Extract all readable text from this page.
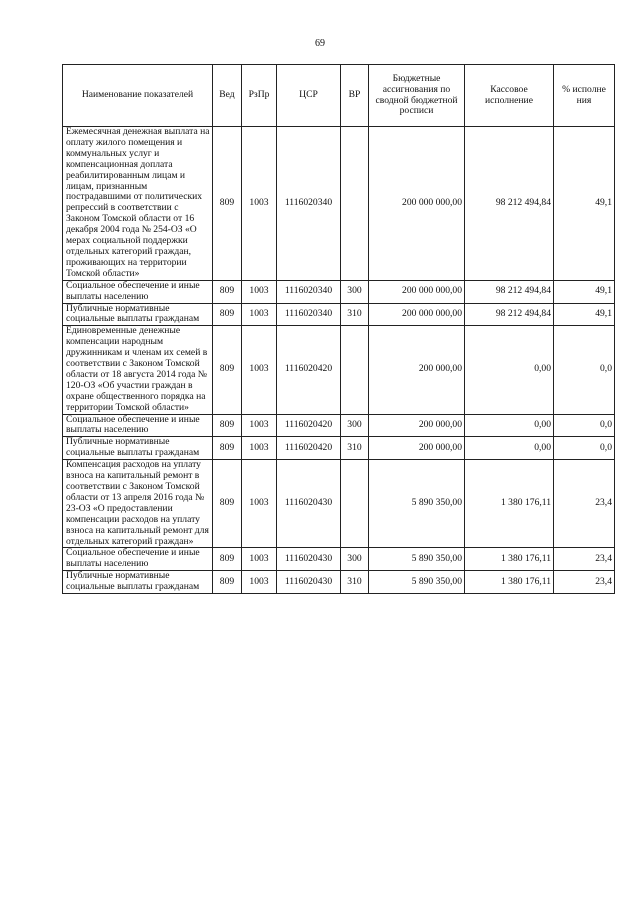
69
Наименование показателей	Вед	РзПр	ЦСР	ВР	Бюджетные ассигнования по сводной бюджетной росписи	Кассовое исполнение	% исполне ния
Ежемесячная денежная выплата на оплату жилого помещения и коммунальных услуг и компенсационная доплата реабилитированным лицам и лицам, признанным пострадавшими от политических репрессий в соответствии с Законом Томской области от 16 декабря 2004 года № 254-ОЗ «О мерах социальной поддержки отдельных категорий граждан, проживающих на территории Томской области»	809	1003	1116020340		200 000 000,00	98 212 494,84	49,1
Социальное обеспечение и иные выплаты населению	809	1003	1116020340	300	200 000 000,00	98 212 494,84	49,1
Публичные нормативные социальные выплаты гражданам	809	1003	1116020340	310	200 000 000,00	98 212 494,84	49,1
Единовременные денежные компенсации народным дружинникам и членам их семей в соответствии с Законом Томской области от 18 августа 2014 года № 120-ОЗ «Об участии граждан в охране общественного порядка на территории Томской области»	809	1003	1116020420		200 000,00	0,00	0,0
Социальное обеспечение и иные выплаты населению	809	1003	1116020420	300	200 000,00	0,00	0,0
Публичные нормативные социальные выплаты гражданам	809	1003	1116020420	310	200 000,00	0,00	0,0
Компенсация расходов на уплату взноса на капитальный ремонт в соответствии с Законом Томской области от 13 апреля 2016 года № 23-ОЗ «О предоставлении компенсации расходов на уплату взноса на капитальный ремонт для отдельных категорий граждан»	809	1003	1116020430		5 890 350,00	1 380 176,11	23,4
Социальное обеспечение и иные выплаты населению	809	1003	1116020430	300	5 890 350,00	1 380 176,11	23,4
Публичные нормативные социальные выплаты гражданам	809	1003	1116020430	310	5 890 350,00	1 380 176,11	23,4
